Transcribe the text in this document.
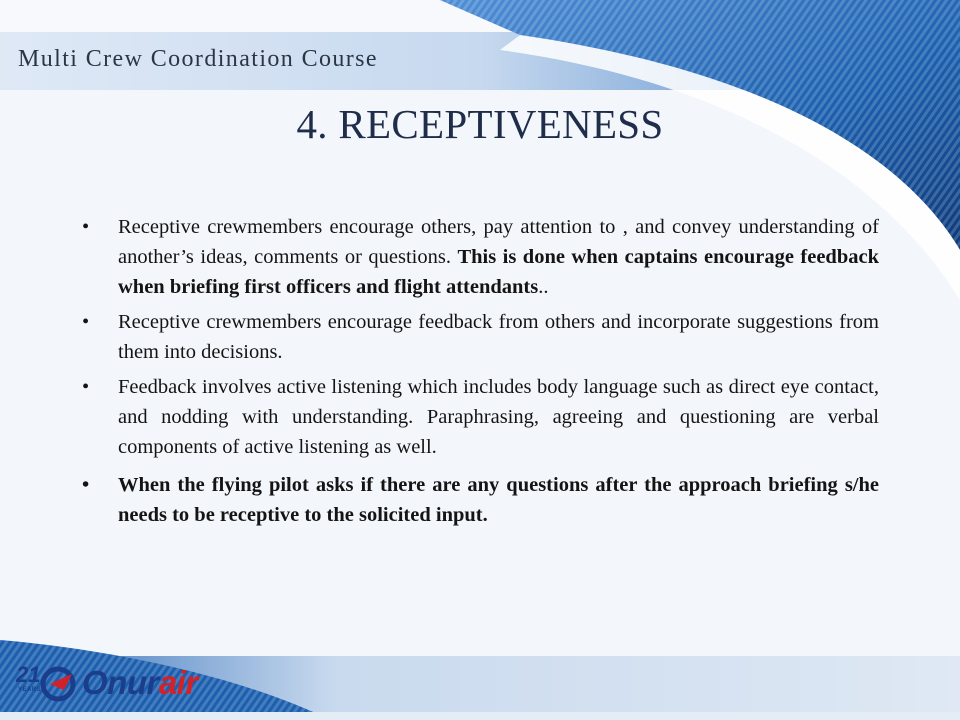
Multi Crew Coordination Course
4. RECEPTIVENESS
• Receptive crewmembers encourage others, pay attention to , and convey understanding of another’s ideas, comments or questions. This is done when captains encourage feedback when briefing first officers and flight attendants..
• Receptive crewmembers encourage feedback from others and incorporate suggestions from them into decisions.
• Feedback involves active listening which includes body language such as direct eye contact, and nodding with understanding. Paraphrasing, agreeing and questioning are verbal components of active listening as well.
• When the flying pilot asks if there are any questions after the approach briefing s/he needs to be receptive to the solicited input.
21
YEARS Onurair
